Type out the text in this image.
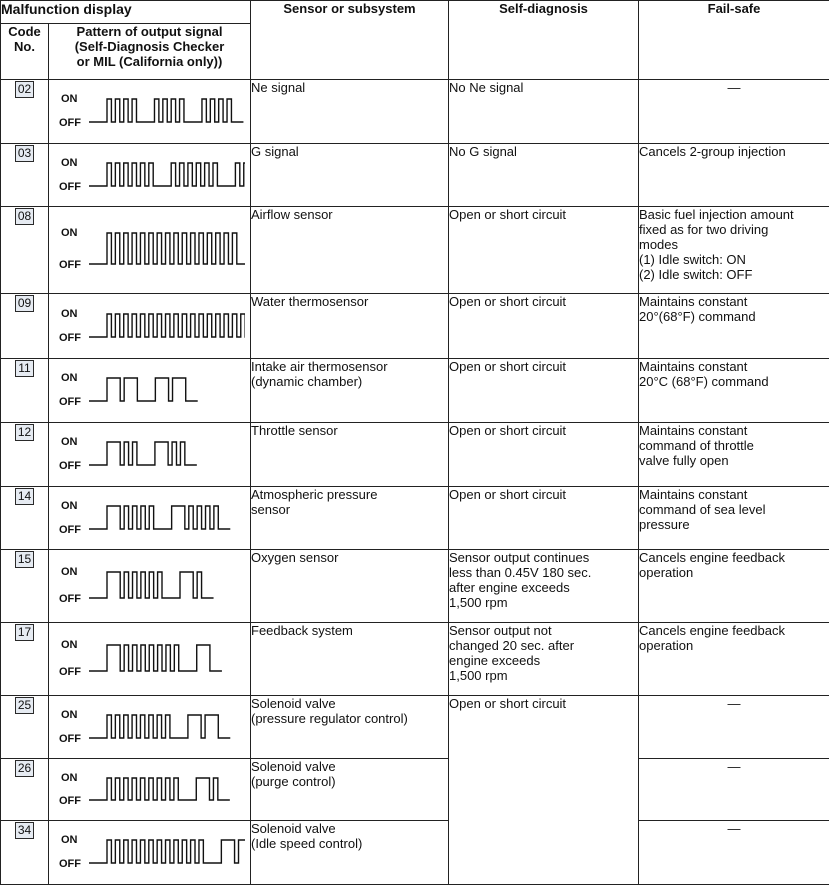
Malfunction display		Sensor or subsystem	Self-diagnosis	Fail-safe

Code
No.	Pattern of output signal
(Self-Diagnosis Checker
or MIL (California only))			

02	ON
OFF	Ne signal	No Ne signal	—

03	ON
OFF	G signal	No G signal	Cancels 2-group injection

08	ON
OFF	Airflow sensor	Open or short circuit	Basic fuel injection amount
fixed as for two driving
modes
(1) Idle switch: ON
(2) Idle switch: OFF

09	ON
OFF	Water thermosensor	Open or short circuit	Maintains constant
20°(68°F) command

11	ON
OFF	Intake air thermosensor
(dynamic chamber)	Open or short circuit	Maintains constant
20°C (68°F) command

12	ON
OFF	Throttle sensor	Open or short circuit	Maintains constant
command of throttle
valve fully open

14	ON
OFF	Atmospheric pressure
sensor	Open or short circuit	Maintains constant
command of sea level
pressure

15	ON
OFF	Oxygen sensor	Sensor output continues
less than 0.45V 180 sec.
after engine exceeds
1,500 rpm	Cancels engine feedback
operation

17	ON
OFF	Feedback system	Sensor output not
changed 20 sec. after
engine exceeds
1,500 rpm	Cancels engine feedback
operation

25	ON
OFF	Solenoid valve
(pressure regulator control)	Open or short circuit	—

26	ON
OFF	Solenoid valve
(purge control)		—

34	ON
OFF	Solenoid valve
(Idle speed control)		—
